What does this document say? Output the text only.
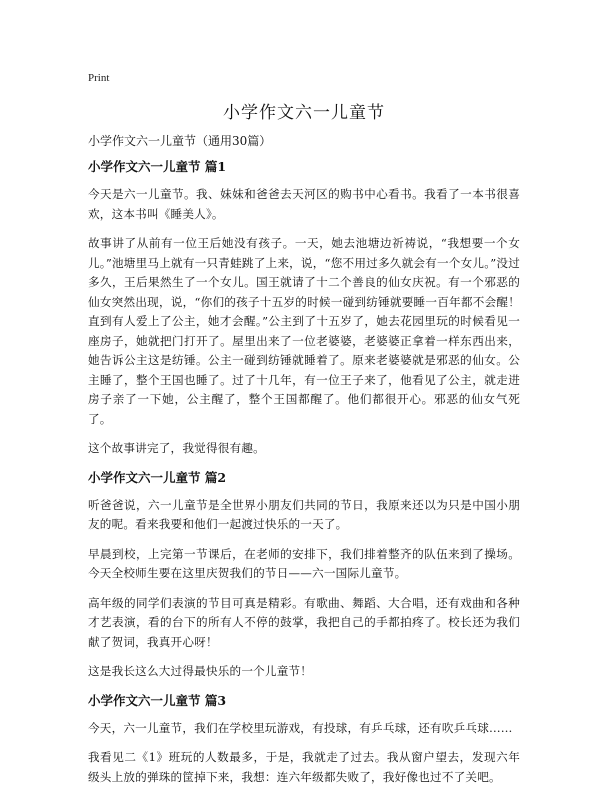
Print
小学作文六一儿童节

小学作文六一儿童节（通用30篇）

小学作文六一儿童节 篇1

今天是六一儿童节。我、妹妹和爸爸去天河区的购书中心看书。我看了一本书很喜欢，这本书叫《睡美人》。

故事讲了从前有一位王后她没有孩子。一天，她去池塘边祈祷说，“我想要一个女儿。”池塘里马上就有一只青蛙跳了上来，说，“您不用过多久就会有一个女儿。”没过多久，王后果然生了一个女儿。国王就请了十二个善良的仙女庆祝。有一个邪恶的仙女突然出现，说，“你们的孩子十五岁的时候一碰到纺锤就要睡一百年都不会醒！直到有人爱上了公主，她才会醒。”公主到了十五岁了，她去花园里玩的时候看见一座房子，她就把门打开了。屋里出来了一位老婆婆，老婆婆正拿着一样东西出来，她告诉公主这是纺锤。公主一碰到纺锤就睡着了。原来老婆婆就是邪恶的仙女。公主睡了，整个王国也睡了。过了十几年，有一位王子来了，他看见了公主，就走进房子亲了一下她，公主醒了，整个王国都醒了。他们都很开心。邪恶的仙女气死了。

这个故事讲完了，我觉得很有趣。

小学作文六一儿童节 篇2

听爸爸说，六一儿童节是全世界小朋友们共同的节日，我原来还以为只是中国小朋友的呢。看来我要和他们一起渡过快乐的一天了。

早晨到校，上完第一节课后，在老师的安排下，我们排着整齐的队伍来到了操场。今天全校师生要在这里庆贺我们的节日——六一国际儿童节。

高年级的同学们表演的节目可真是精彩。有歌曲、舞蹈、大合唱，还有戏曲和各种才艺表演，看的台下的所有人不停的鼓掌，我把自己的手都拍疼了。校长还为我们献了贺词，我真开心呀！

这是我长这么大过得最快乐的一个儿童节！

小学作文六一儿童节 篇3

今天，六一儿童节，我们在学校里玩游戏，有投球，有乒乓球，还有吹乒乓球……

我看见二《1》班玩的人数最多，于是，我就走了过去。我从窗户望去，发现六年级头上放的弹珠的筐掉下来，我想：连六年级都失败了，我好像也过不了关吧。
